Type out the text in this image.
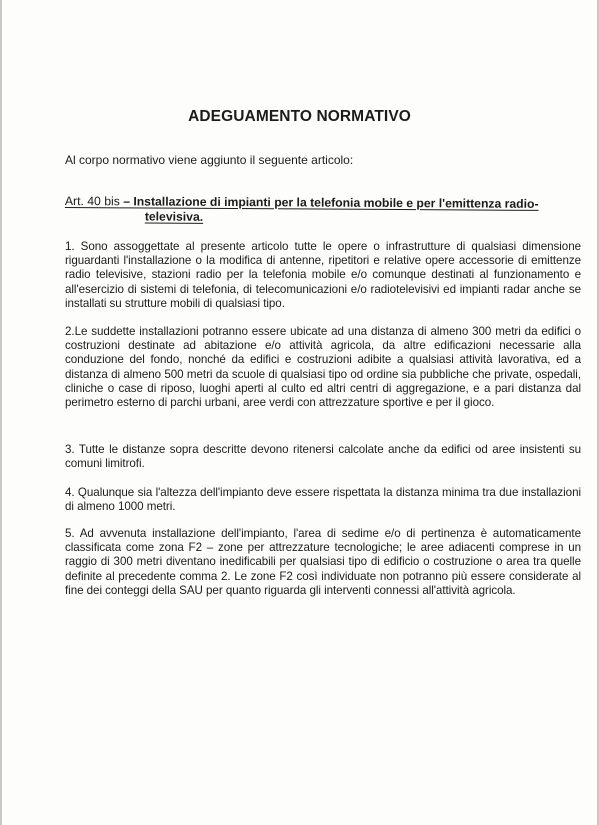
ADEGUAMENTO NORMATIVO
Al corpo normativo viene aggiunto il seguente articolo:
Art. 40 bis – Installazione di impianti per la telefonia mobile e per l'emittenza radio-
televisiva.
1. Sono assoggettate al presente articolo tutte le opere o infrastrutture di qualsiasi dimensione riguardanti l'installazione o la modifica di antenne, ripetitori e relative opere accessorie di emittenze radio televisive, stazioni radio per la telefonia mobile e/o comunque destinati al funzionamento e all'esercizio di sistemi di telefonia, di telecomunicazioni e/o radiotelevisivi ed impianti radar anche se installati su strutture mobili di qualsiasi tipo.
2.Le suddette installazioni potranno essere ubicate ad una distanza di almeno 300 metri da edifici o costruzioni destinate ad abitazione e/o attività agricola, da altre edificazioni necessarie alla conduzione del fondo, nonché da edifici e costruzioni adibite a qualsiasi attività lavorativa, ed a distanza di almeno 500 metri da scuole di qualsiasi tipo od ordine sia pubbliche che private, ospedali, cliniche o case di riposo, luoghi aperti al culto ed altri centri di aggregazione, e a pari distanza dal perimetro esterno di parchi urbani, aree verdi con attrezzature sportive e per il gioco.
3. Tutte le distanze sopra descritte devono ritenersi calcolate anche da edifici od aree insistenti su comuni limitrofi.
4. Qualunque sia l'altezza dell'impianto deve essere rispettata la distanza minima tra due installazioni di almeno 1000 metri.
5. Ad avvenuta installazione dell'impianto, l'area di sedime e/o di pertinenza è automaticamente classificata come zona F2 – zone per attrezzature tecnologiche; le aree adiacenti comprese in un raggio di 300 metri diventano inedificabili per qualsiasi tipo di edificio o costruzione o area tra quelle definite al precedente comma 2. Le zone F2 così individuate non potranno più essere considerate al fine dei conteggi della SAU per quanto riguarda gli interventi connessi all'attività agricola.
